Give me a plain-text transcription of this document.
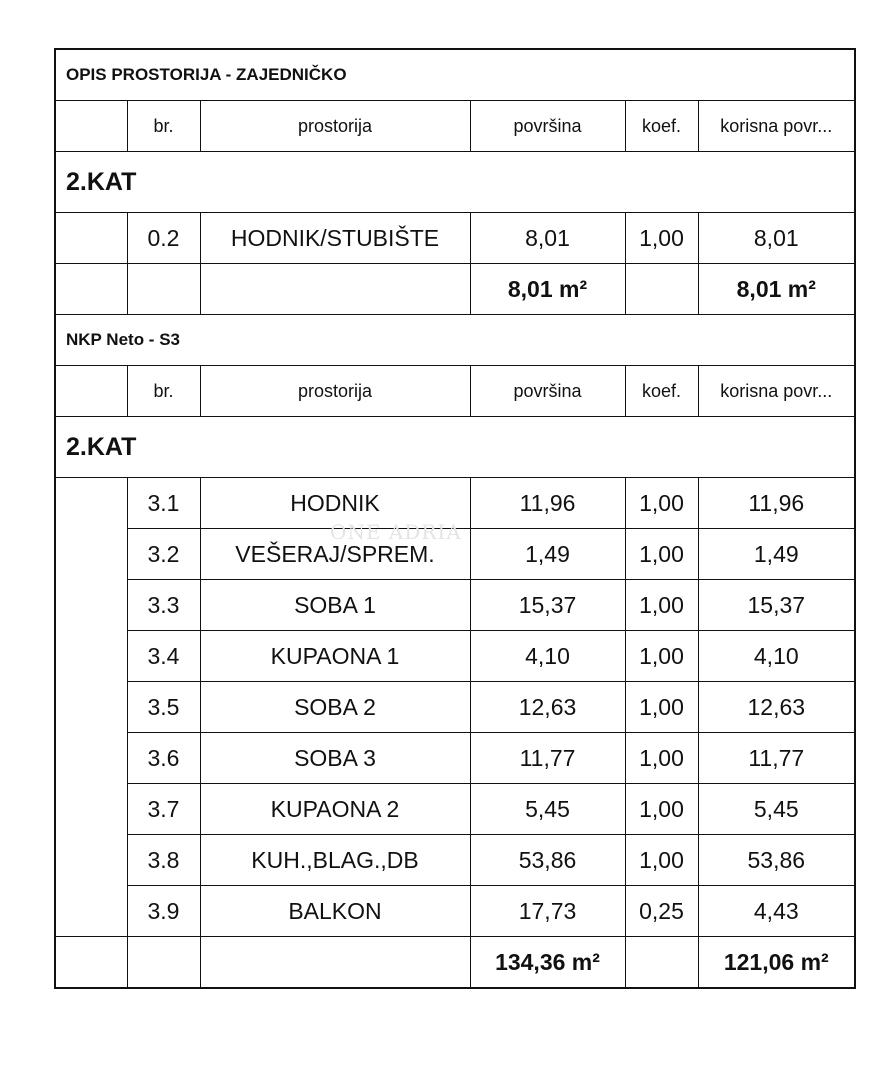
OPIS PROSTORIJA - ZAJEDNIČKO					
	br.	prostorija	površina	koef.	korisna povr...
2.KAT					
	0.2	HODNIK/STUBIŠTE	8,01	1,00	8,01
			8,01 m²		8,01 m²
NKP Neto - S3					
	br.	prostorija	površina	koef.	korisna povr...
2.KAT					
	3.1	HODNIK	11,96	1,00	11,96
	3.2	VEŠERAJ/SPREM.	1,49	1,00	1,49
	3.3	SOBA 1	15,37	1,00	15,37
	3.4	KUPAONA 1	4,10	1,00	4,10
	3.5	SOBA 2	12,63	1,00	12,63
	3.6	SOBA 3	11,77	1,00	11,77
	3.7	KUPAONA 2	5,45	1,00	5,45
	3.8	KUH.,BLAG.,DB	53,86	1,00	53,86
	3.9	BALKON	17,73	0,25	4,43
			134,36 m²		121,06 m²
ONE ADRIA
